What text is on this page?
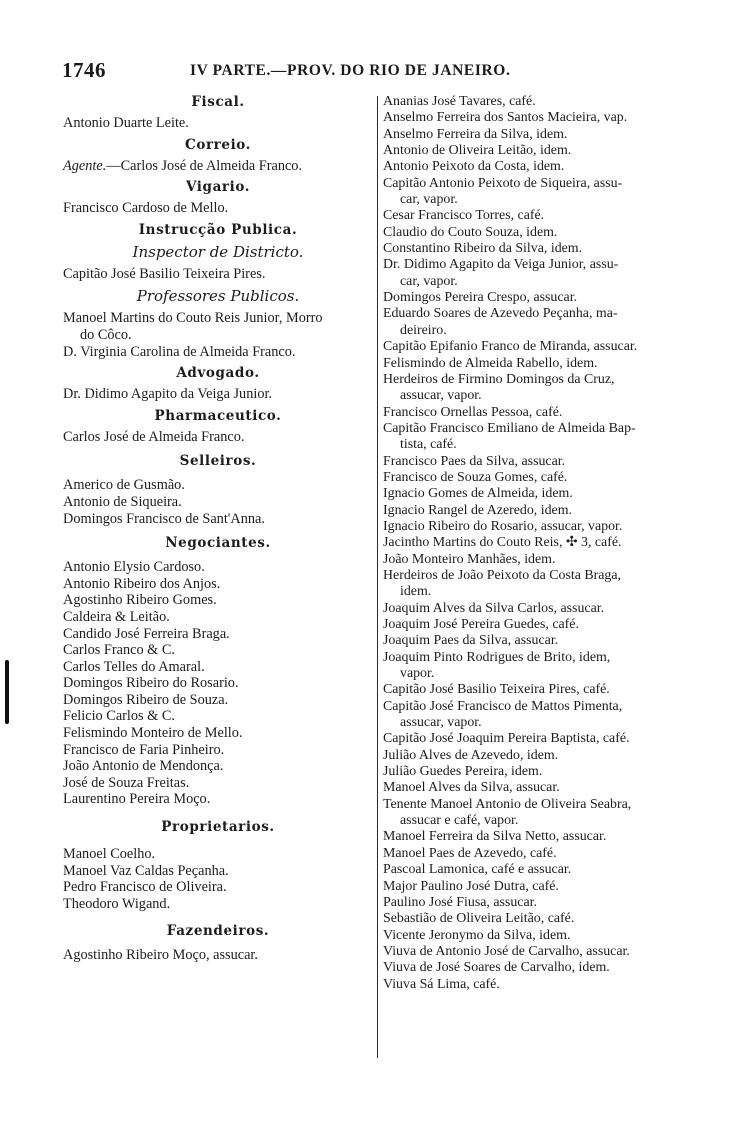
1746	IV PARTE.—PROV. DO RIO DE JANEIRO.
Fiscal.
Antonio Duarte Leite.
Correio.
Agente.—Carlos José de Almeida Franco.
Vigario.
Francisco Cardoso de Mello.
Instrucção Publica.
Inspector de Districto.
Capitão José Basilio Teixeira Pires.
Professores Publicos.
Manoel Martins do Couto Reis Junior, Morro
do Côco.
D. Virginia Carolina de Almeida Franco.
Advogado.
Dr. Didimo Agapito da Veiga Junior.
Pharmaceutico.
Carlos José de Almeida Franco.
Selleiros.
Americo de Gusmão.
Antonio de Siqueira.
Domingos Francisco de Sant'Anna.
Negociantes.
Antonio Elysio Cardoso.
Antonio Ribeiro dos Anjos.
Agostinho Ribeiro Gomes.
Caldeira & Leitão.
Candido José Ferreira Braga.
Carlos Franco & C.
Carlos Telles do Amaral.
Domingos Ribeiro do Rosario.
Domingos Ribeiro de Souza.
Felicio Carlos & C.
Felismindo Monteiro de Mello.
Francisco de Faria Pinheiro.
João Antonio de Mendonça.
José de Souza Freitas.
Laurentino Pereira Moço.
Proprietarios.
Manoel Coelho.
Manoel Vaz Caldas Peçanha.
Pedro Francisco de Oliveira.
Theodoro Wigand.
Fazendeiros.
Agostinho Ribeiro Moço, assucar.
Ananias José Tavares, café.
Anselmo Ferreira dos Santos Macieira, vap.
Anselmo Ferreira da Silva, idem.
Antonio de Oliveira Leitão, idem.
Antonio Peixoto da Costa, idem.
Capitão Antonio Peixoto de Siqueira, assu-
car, vapor.
Cesar Francisco Torres, café.
Claudio do Couto Souza, idem.
Constantino Ribeiro da Silva, idem.
Dr. Didimo Agapito da Veiga Junior, assu-
car, vapor.
Domingos Pereira Crespo, assucar.
Eduardo Soares de Azevedo Peçanha, ma-
deireiro.
Capitão Epifanio Franco de Miranda, assucar.
Felismindo de Almeida Rabello, idem.
Herdeiros de Firmino Domingos da Cruz,
assucar, vapor.
Francisco Ornellas Pessoa, café.
Capitão Francisco Emiliano de Almeida Bap-
tista, café.
Francisco Paes da Silva, assucar.
Francisco de Souza Gomes, café.
Ignacio Gomes de Almeida, idem.
Ignacio Rangel de Azeredo, idem.
Ignacio Ribeiro do Rosario, assucar, vapor.
Jacintho Martins do Couto Reis, ✣ 3, café.
João Monteiro Manhães, idem.
Herdeiros de João Peixoto da Costa Braga,
idem.
Joaquim Alves da Silva Carlos, assucar.
Joaquim José Pereira Guedes, café.
Joaquim Paes da Silva, assucar.
Joaquim Pinto Rodrigues de Brito, idem,
vapor.
Capitão José Basilio Teixeira Pires, café.
Capitão José Francisco de Mattos Pimenta,
assucar, vapor.
Capitão José Joaquim Pereira Baptista, café.
Julião Alves de Azevedo, idem.
Julião Guedes Pereira, idem.
Manoel Alves da Silva, assucar.
Tenente Manoel Antonio de Oliveira Seabra,
assucar e café, vapor.
Manoel Ferreira da Silva Netto, assucar.
Manoel Paes de Azevedo, café.
Pascoal Lamonica, café e assucar.
Major Paulino José Dutra, café.
Paulino José Fiusa, assucar.
Sebastião de Oliveira Leitão, café.
Vicente Jeronymo da Silva, idem.
Viuva de Antonio José de Carvalho, assucar.
Viuva de José Soares de Carvalho, idem.
Viuva Sá Lima, café.
